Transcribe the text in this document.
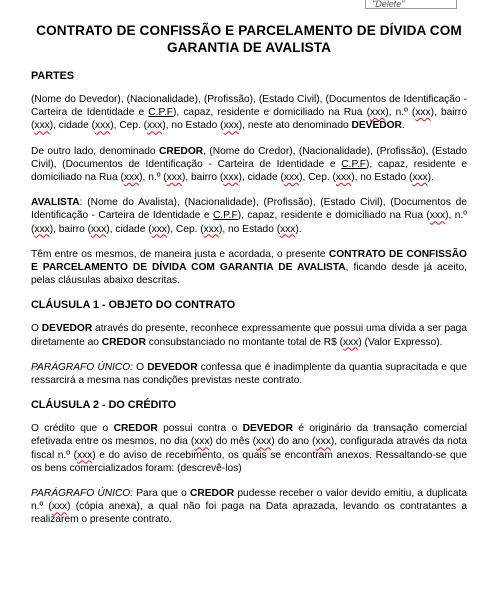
"Delete"
CONTRATO DE CONFISSÃO E PARCELAMENTO DE DÍVIDA COM GARANTIA DE AVALISTA
PARTES

(Nome do Devedor), (Nacionalidade), (Profissão), (Estado Civil), (Documentos de Identificação - Carteira de Identidade e C.P.F), capaz, residente e domiciliado na Rua (xxx), n.º (xxx), bairro (xxx), cidade (xxx), Cep. (xxx), no Estado (xxx), neste ato denominado DEVEDOR.

De outro lado, denominado CREDOR, (Nome do Credor), (Nacionalidade), (Profissão), (Estado Civil), (Documentos de Identificação - Carteira de Identidade e C.P.F), capaz, residente e domiciliado na Rua (xxx), n.º (xxx), bairro (xxx), cidade (xxx), Cep. (xxx), no Estado (xxx).

AVALISTA: (Nome do Avalista), (Nacionalidade), (Profissão), (Estado Civil), (Documentos de Identificação - Carteira de Identidade e C.P.F), capaz, residente e domiciliado na Rua (xxx), n.º (xxx), bairro (xxx), cidade (xxx), Cep. (xxx), no Estado (xxx).

Têm entre os mesmos, de maneira justa e acordada, o presente CONTRATO DE CONFISSÃO E PARCELAMENTO DE DÍVIDA COM GARANTIA DE AVALISTA, ficando desde já aceito, pelas cláusulas abaixo descritas.

CLÁUSULA 1 - OBJETO DO CONTRATO

O DEVEDOR através do presente, reconhece expressamente que possui uma dívida a ser paga diretamente ao CREDOR consubstanciado no montante total de R$ (xxx) (Valor Expresso).

PARÁGRAFO ÚNICO: O DEVEDOR confessa que é inadimplente da quantia supracitada e que ressarcirá a mesma nas condições previstas neste contrato.

CLÁUSULA 2 - DO CRÉDITO

O crédito que o CREDOR possui contra o DEVEDOR é originário da transação comercial efetivada entre os mesmos, no dia (xxx) do mês (xxx) do ano (xxx), configurada através da nota fiscal n.º (xxx) e do aviso de recebimento, os quais se encontram anexos. Ressaltando-se que os bens comercializados foram: (descrevê-los)

PARÁGRAFO ÚNICO: Para que o CREDOR pudesse receber o valor devido emitiu, a duplicata n.º (xxx) (cópia anexa), a qual não foi paga na Data aprazada, levando os contratantes a realizarem o presente contrato.
